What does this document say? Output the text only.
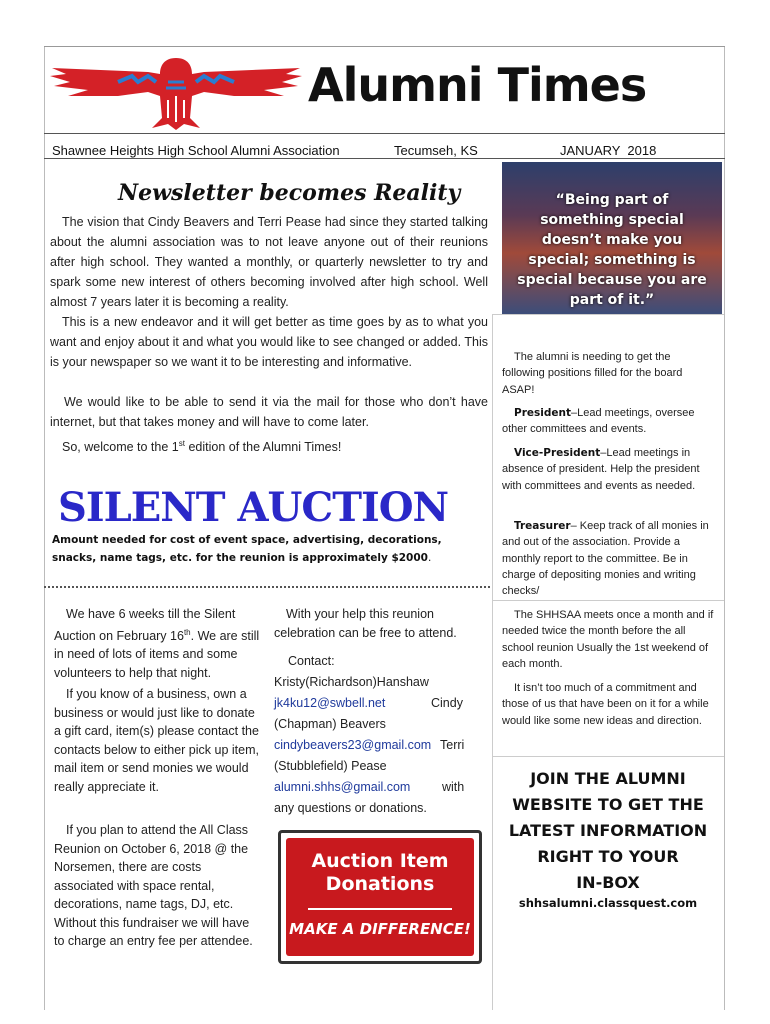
Alumni Times
Shawnee Heights High School Alumni Association	Tecumseh, KS	JANUARY  2018
Newsletter becomes Reality

The vision that Cindy Beavers and Terri Pease had since they started talking about the alumni association was to not leave anyone out of their reunions after high school. They wanted a monthly, or quarterly newsletter to try and spark some new interest of others becoming involved after high school. Well almost 7 years later it is becoming a reality.

This is a new endeavor and it will get better as time goes by as to what you want and enjoy about it and what you would like to see changed or added. This is your newspaper so we want it to be interesting and informative.

We would like to be able to send it via the mail for those who don’t have internet, but that takes money and will have to come later.

So, welcome to the 1st edition of the Alumni Times!

“Being part of something special doesn’t make you special; something is special because you are part of it.”

SILENT AUCTION
Amount needed for cost of event space, advertising, decorations, snacks, name tags, etc. for the reunion is approximately $2000.

We have 6 weeks till the Silent Auction on February 16th. We are still in need of lots of items and some volunteers to help that night.

If you know of a business, own a business or would just like to donate a gift card, item(s) please contact the contacts below to either pick up item, mail item or send monies we would really appreciate it.

If you plan to attend the All Class Reunion on October 6, 2018 @ the Norsemen, there are costs associated with space rental, decorations, name tags, DJ, etc. Without this fundraiser we will have to charge an entry fee per attendee.

With your help this reunion celebration can be free to attend.

Contact:
Kristy(Richardson)Hanshaw
jk4ku12@swbell.net	Cindy
(Chapman) Beavers
cindybeavers23@gmail.com Terri
(Stubblefield) Pease
alumni.shhs@gmail.com	with
any questions or donations.
Auction Item
Donations
MAKE A DIFFERENCE!

The alumni is needing to get the following positions filled for the board ASAP!

President–Lead meetings, oversee other committees and events.

Vice-President–Lead meetings in absence of president. Help the president with committees and events as needed.

Treasurer– Keep track of all monies in and out of the association. Provide a monthly report to the committee. Be in charge of depositing monies and writing checks/

The SHHSAA meets once a month and if needed twice the month before the all school reunion Usually the 1st weekend of each month.

It isn’t too much of a commitment and those of us that have been on it for a while would like some new ideas and direction.

JOIN THE ALUMNI
WEBSITE TO GET THE
LATEST INFORMATION
RIGHT TO YOUR
IN-BOX
shhsalumni.classquest.com
